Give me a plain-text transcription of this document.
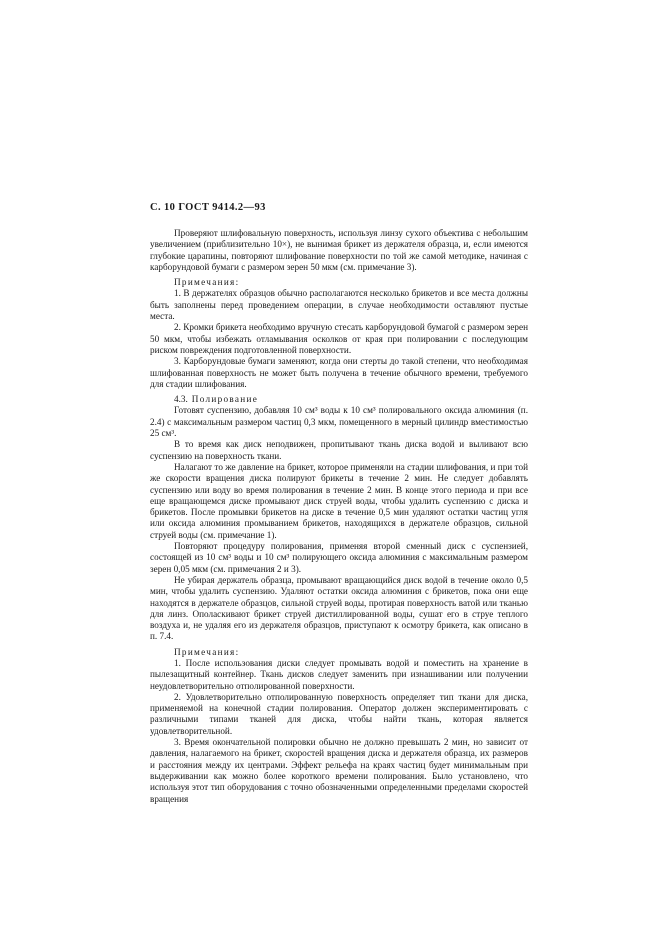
С. 10 ГОСТ 9414.2—93

Проверяют шлифовальную поверхность, используя линзу сухого объектива с небольшим увеличением (приблизительно 10×), не вынимая брикет из держателя образца, и, если имеются глубокие царапины, повторяют шлифование поверхности по той же самой методике, начиная с карборундовой бумаги с размером зерен 50 мкм (см. примечание 3).

Примечания:

1. В держателях образцов обычно располагаются несколько брикетов и все места должны быть заполнены перед проведением операции, в случае необходимости оставляют пустые места.

2. Кромки брикета необходимо вручную стесать карборундовой бумагой с размером зерен 50 мкм, чтобы избежать отламывания осколков от края при полировании с последующим риском повреждения подготовленной поверхности.

3. Карборундовые бумаги заменяют, когда они стерты до такой степени, что необходимая шлифованная поверхность не может быть получена в течение обычного времени, требуемого для стадии шлифования.

4.3. Полирование

Готовят суспензию, добавляя 10 см³ воды к 10 см³ полировального оксида алюминия (п. 2.4) с максимальным размером частиц 0,3 мкм, помещенного в мерный цилиндр вместимостью 25 см³.

В то время как диск неподвижен, пропитывают ткань диска водой и выливают всю суспензию на поверхность ткани.

Налагают то же давление на брикет, которое применяли на стадии шлифования, и при той же скорости вращения диска полируют брикеты в течение 2 мин. Не следует добавлять суспензию или воду во время полирования в течение 2 мин. В конце этого периода и при все еще вращающемся диске промывают диск струей воды, чтобы удалить суспензию с диска и брикетов. После промывки брикетов на диске в течение 0,5 мин удаляют остатки частиц угля или оксида алюминия промыванием брикетов, находящихся в держателе образцов, сильной струей воды (см. примечание 1).

Повторяют процедуру полирования, применяя второй сменный диск с суспензией, состоящей из 10 см³ воды и 10 см³ полирующего оксида алюминия с максимальным размером зерен 0,05 мкм (см. примечания 2 и 3).

Не убирая держатель образца, промывают вращающийся диск водой в течение около 0,5 мин, чтобы удалить суспензию. Удаляют остатки оксида алюминия с брикетов, пока они еще находятся в держателе образцов, сильной струей воды, протирая поверхность ватой или тканью для линз. Ополаскивают брикет струей дистиллированной воды, сушат его в струе теплого воздуха и, не удаляя его из держателя образцов, приступают к осмотру брикета, как описано в п. 7.4.

Примечания:

1. После использования диски следует промывать водой и поместить на хранение в пылезащитный контейнер. Ткань дисков следует заменить при изнашивании или получении неудовлетворительно отполированной поверхности.

2. Удовлетворительно отполированную поверхность определяет тип ткани для диска, применяемой на конечной стадии полирования. Оператор должен экспериментировать с различными типами тканей для диска, чтобы найти ткань, которая является удовлетворительной.

3. Время окончательной полировки обычно не должно превышать 2 мин, но зависит от давления, налагаемого на брикет, скоростей вращения диска и держателя образца, их размеров и расстояния между их центрами. Эффект рельефа на краях частиц будет минимальным при выдерживании как можно более короткого времени полирования. Было установлено, что используя этот тип оборудования с точно обозначенными определенными пределами скоростей вращения
